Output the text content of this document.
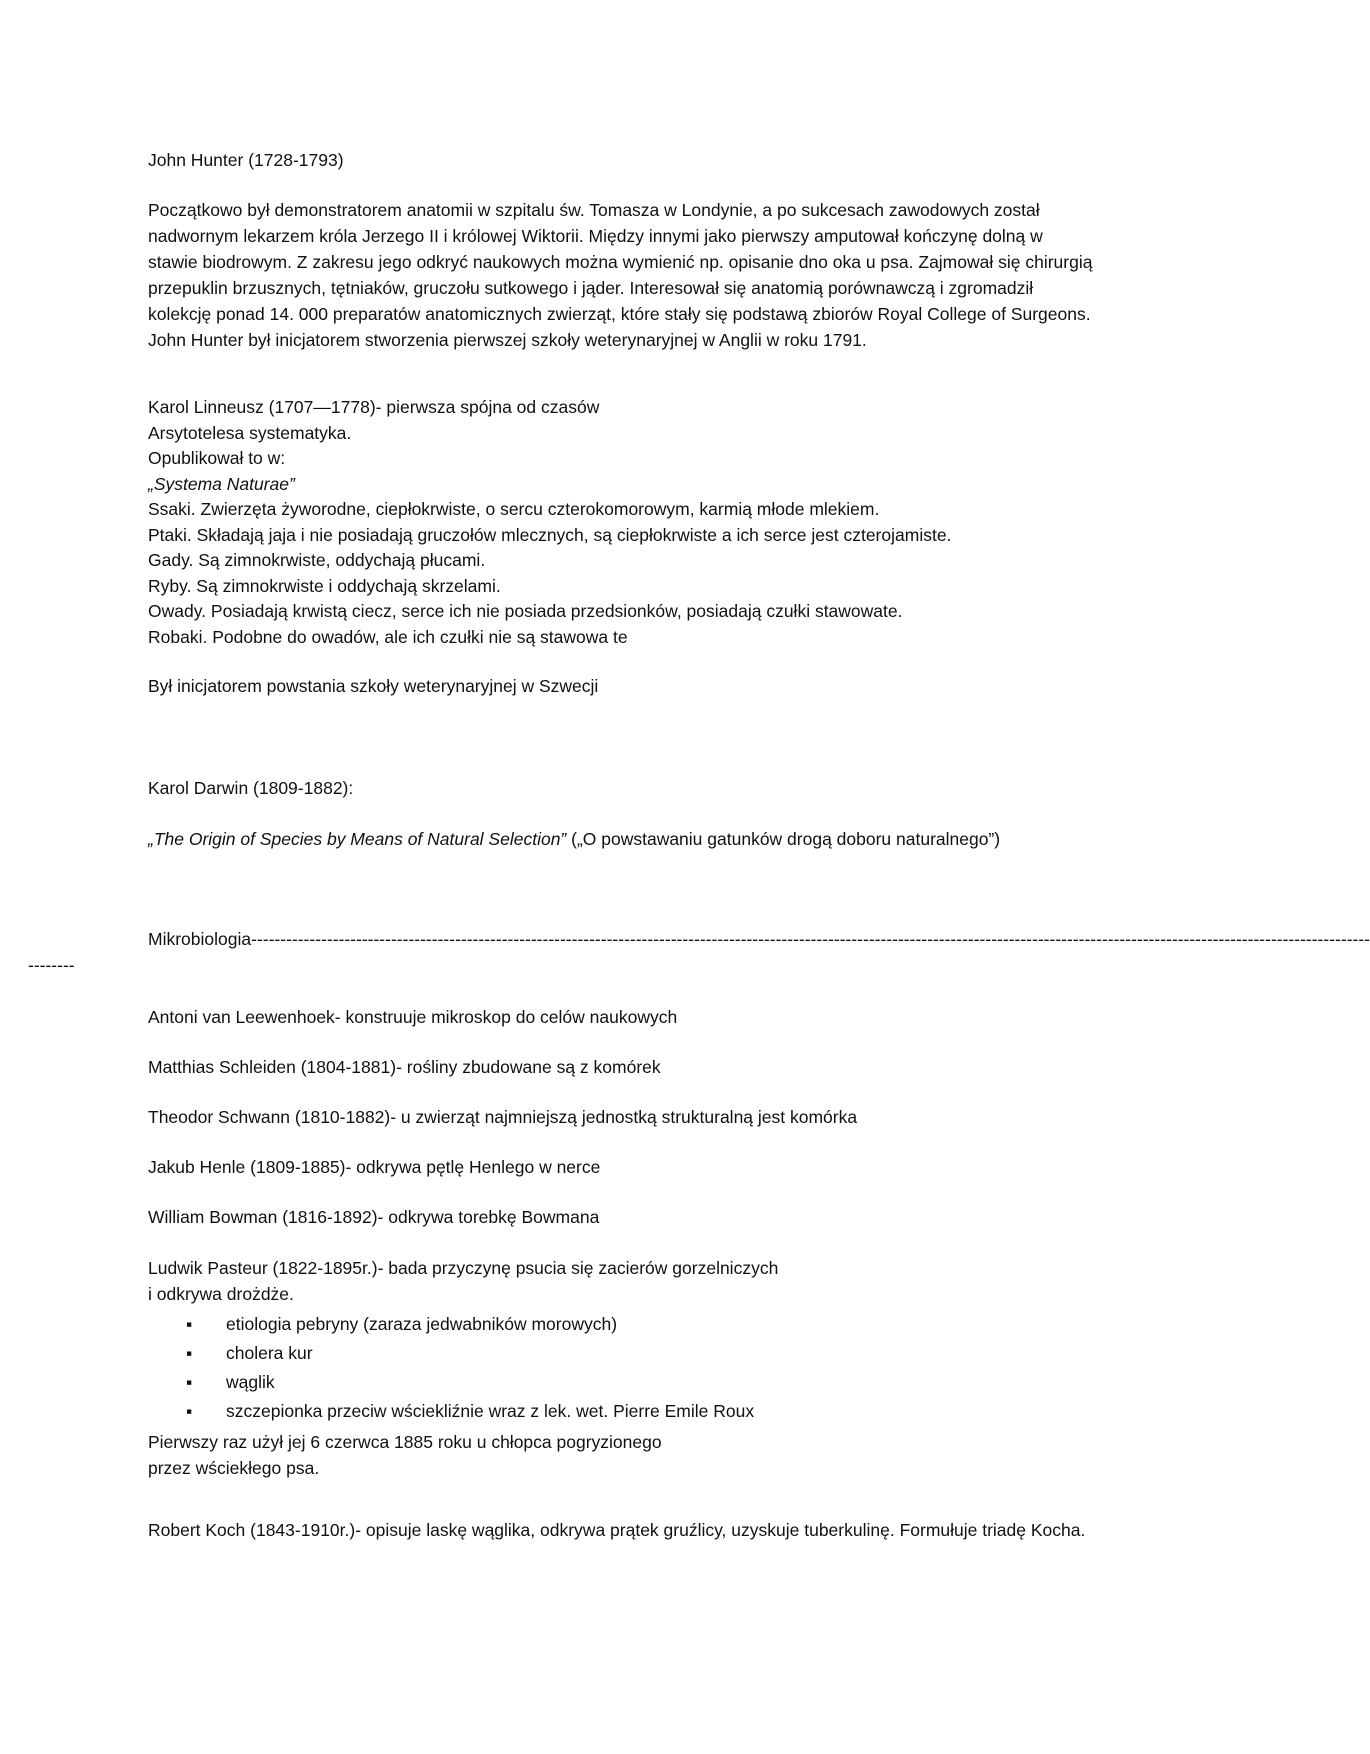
John Hunter (1728-1793)
Początkowo był demonstratorem anatomii w szpitalu św. Tomasza w Londynie, a po sukcesach zawodowych został
nadwornym lekarzem króla Jerzego II i królowej Wiktorii. Między innymi jako pierwszy amputował kończynę dolną w
stawie biodrowym. Z zakresu jego odkryć naukowych można wymienić np. opisanie dno oka u psa. Zajmował się chirurgią
przepuklin brzusznych, tętniaków, gruczołu sutkowego i jąder. Interesował się anatomią porównawczą i zgromadził
kolekcję ponad 14. 000 preparatów anatomicznych zwierząt, które stały się podstawą zbiorów Royal College of Surgeons.
John Hunter był inicjatorem stworzenia pierwszej szkoły weterynaryjnej w Anglii w roku 1791.
Karol Linneusz (1707—1778)- pierwsza spójna od czasów
Arsytotelesa systematyka.
Opublikował to w:
„Systema Naturae”
Ssaki. Zwierzęta żyworodne, ciepłokrwiste, o sercu czterokomorowym, karmią młode mlekiem.
Ptaki. Składają jaja i nie posiadają gruczołów mlecznych, są ciepłokrwiste a ich serce jest czterojamiste.
Gady. Są zimnokrwiste, oddychają płucami.
Ryby. Są zimnokrwiste i oddychają skrzelami.
Owady. Posiadają krwistą ciecz, serce ich nie posiada przedsionków, posiadają czułki stawowate.
Robaki. Podobne do owadów, ale ich czułki nie są stawowa te
Był inicjatorem powstania szkoły weterynaryjnej w Szwecji
Karol Darwin (1809-1882):
„The Origin of Species by Means of Natural Selection” („O powstawaniu gatunków drogą doboru naturalnego”)
Mikrobiologia------------------------------------------------------------------------------------------------------------------------------------------------------------------------------------------------
Antoni van Leewenhoek- konstruuje mikroskop do celów naukowych
Matthias Schleiden (1804-1881)- rośliny zbudowane są z komórek
Theodor Schwann (1810-1882)- u zwierząt najmniejszą jednostką strukturalną jest komórka
Jakub Henle (1809-1885)- odkrywa pętlę Henlego w nerce
William Bowman (1816-1892)- odkrywa torebkę Bowmana
Ludwik Pasteur (1822-1895r.)- bada przyczynę psucia się zacierów gorzelniczych
i odkrywa drożdże.
▪ etiologia pebryny (zaraza jedwabników morowych)
▪ cholera kur
▪ wąglik
▪ szczepionka przeciw wściekliźnie wraz z lek. wet. Pierre Emile Roux
Pierwszy raz użył jej 6 czerwca 1885 roku u chłopca pogryzionego
przez wściekłego psa.
Robert Koch (1843-1910r.)- opisuje laskę wąglika, odkrywa prątek gruźlicy, uzyskuje tuberkulinę. Formułuje triadę Kocha.
--------
